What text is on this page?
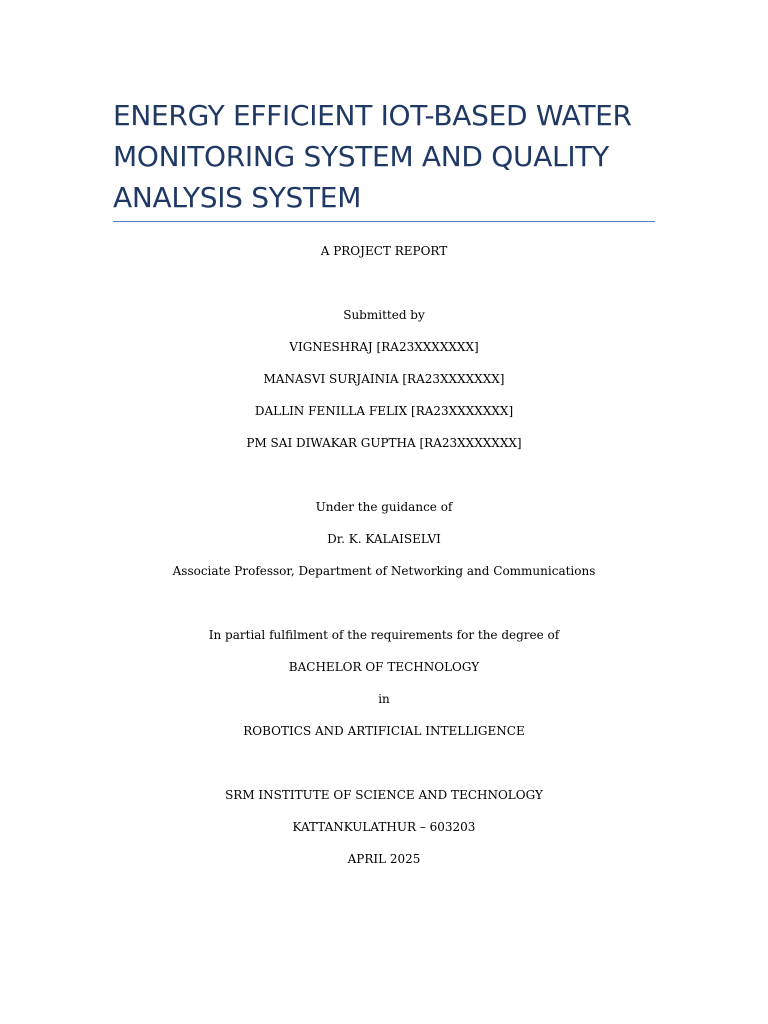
ENERGY EFFICIENT IOT-BASED WATER
MONITORING SYSTEM AND QUALITY
ANALYSIS SYSTEM
A PROJECT REPORT
Submitted by
VIGNESHRAJ [RA23XXXXXXX]
MANASVI SURJAINIA [RA23XXXXXXX]
DALLIN FENILLA FELIX [RA23XXXXXXX]
PM SAI DIWAKAR GUPTHA [RA23XXXXXXX]
Under the guidance of
Dr. K. KALAISELVI
Associate Professor, Department of Networking and Communications
In partial fulfilment of the requirements for the degree of
BACHELOR OF TECHNOLOGY
in
ROBOTICS AND ARTIFICIAL INTELLIGENCE
SRM INSTITUTE OF SCIENCE AND TECHNOLOGY
KATTANKULATHUR – 603203
APRIL 2025
